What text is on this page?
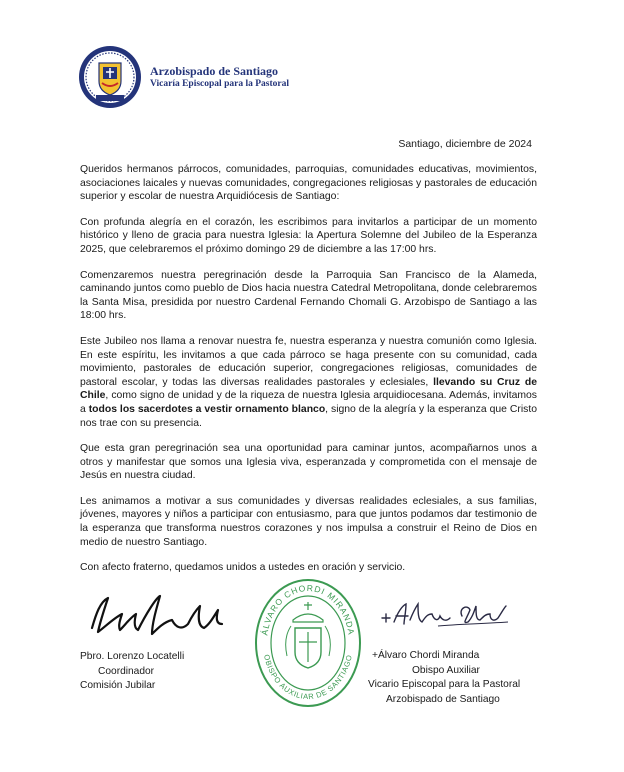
Arzobispado de Santiago
Vicaría Episcopal para la Pastoral
Santiago, diciembre de 2024

Queridos hermanos párrocos, comunidades, parroquias, comunidades educativas, movimientos, asociaciones laicales y nuevas comunidades, congregaciones religiosas y pastorales de educación superior y escolar de nuestra Arquidiócesis de Santiago:

Con profunda alegría en el corazón, les escribimos para invitarlos a participar de un momento histórico y lleno de gracia para nuestra Iglesia: la Apertura Solemne del Jubileo de la Esperanza 2025, que celebraremos el próximo domingo 29 de diciembre a las 17:00 hrs.

Comenzaremos nuestra peregrinación desde la Parroquia San Francisco de la Alameda, caminando juntos como pueblo de Dios hacia nuestra Catedral Metropolitana, donde celebraremos la Santa Misa, presidida por nuestro Cardenal Fernando Chomali G. Arzobispo de Santiago a las 18:00 hrs.

Este Jubileo nos llama a renovar nuestra fe, nuestra esperanza y nuestra comunión como Iglesia. En este espíritu, les invitamos a que cada párroco se haga presente con su comunidad, cada movimiento, pastorales de educación superior, congregaciones religiosas, comunidades de pastoral escolar, y todas las diversas realidades pastorales y eclesiales, llevando su Cruz de Chile, como signo de unidad y de la riqueza de nuestra Iglesia arquidiocesana. Además, invitamos a todos los sacerdotes a vestir ornamento blanco, signo de la alegría y la esperanza que Cristo nos trae con su presencia.

Que esta gran peregrinación sea una oportunidad para caminar juntos, acompañarnos unos a otros y manifestar que somos una Iglesia viva, esperanzada y comprometida con el mensaje de Jesús en nuestra ciudad.

Les animamos a motivar a sus comunidades y diversas realidades eclesiales, a sus familias, jóvenes, mayores y niños a participar con entusiasmo, para que juntos podamos dar testimonio de la esperanza que transforma nuestros corazones y nos impulsa a construir el Reino de Dios en medio de nuestro Santiago.

Con afecto fraterno, quedamos unidos a ustedes en oración y servicio.

ÁLVARO CHORDI MIRANDA
OBISPO AUXILIAR DE SANTIAGO
Pbro. Lorenzo Locatelli
Coordinador
Comisión Jubilar
+Álvaro Chordi Miranda
Obispo Auxiliar
Vicario Episcopal para la Pastoral
Arzobispado de Santiago
